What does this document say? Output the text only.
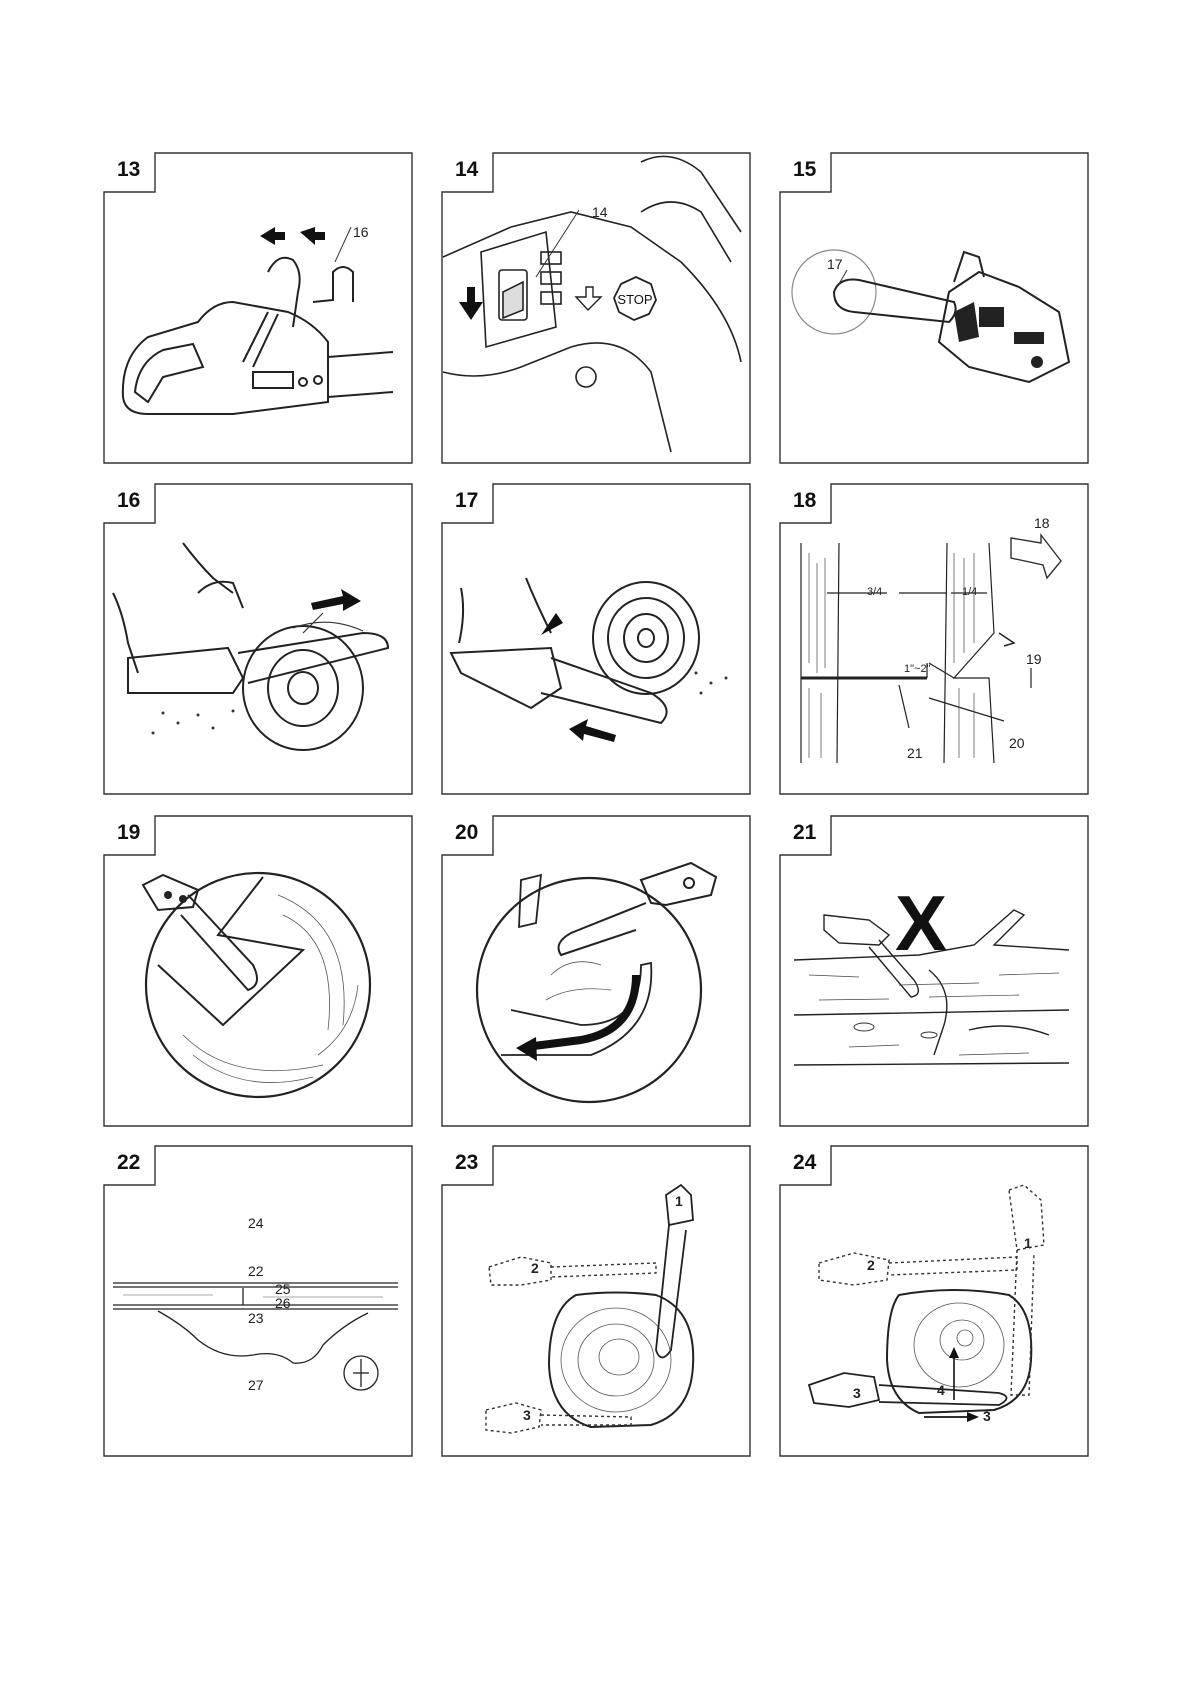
13
16
14
STOP
14
15
17
16	17	18
18
3/4	1/4
19
1"~2"
21
20
19	20	21
X
22
24
22
25
26
23
27
23
1
2
3
24
1
2
4
3
3
